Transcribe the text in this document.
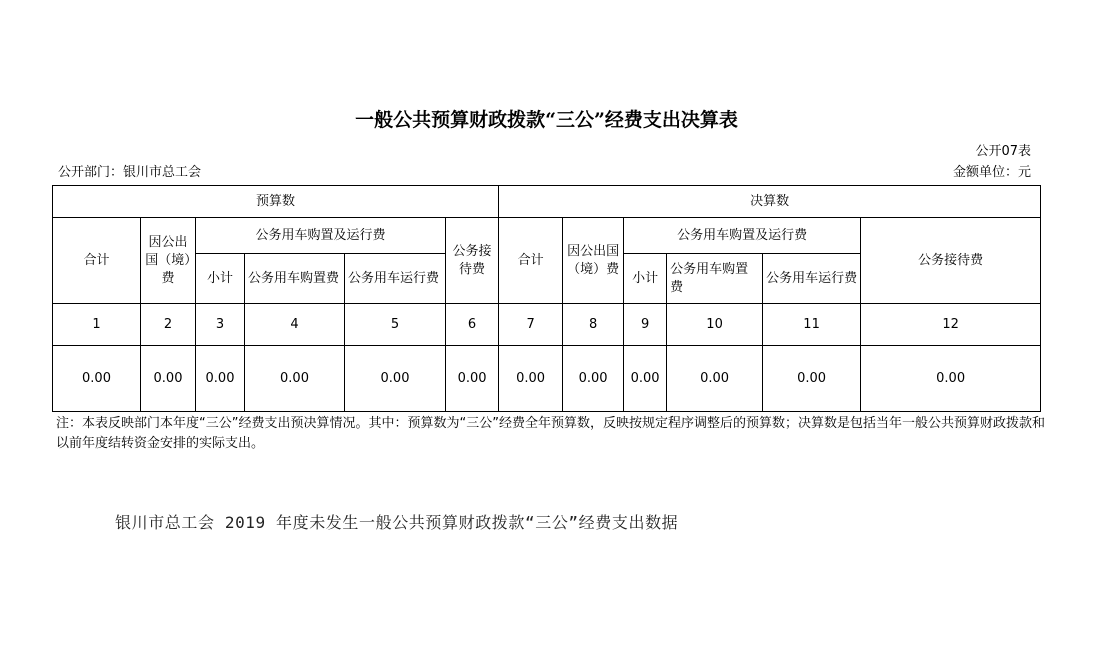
一般公共预算财政拨款“三公”经费支出决算表
公开07表
公开部门：银川市总工会	金额单位：元
预算数						决算数					
合计	因公出国（境）费	公务用车购置及运行费			公务接待费	合计	因公出国（境）费	公务用车购置及运行费			公务接待费
		小计	公务用车购置费	公务用车运行费				小计	公务用车购置费	公务用车运行费	
1	2	3	4	5	6	7	8	9	10	11	12
0.00	0.00	0.00	0.00	0.00	0.00	0.00	0.00	0.00	0.00	0.00	0.00
注：本表反映部门本年度“三公”经费支出预决算情况。其中：预算数为“三公”经费全年预算数，反映按规定程序调整后的预算数；决算数是包括当年一般公共预算财政拨款和以前年度结转资金安排的实际支出。
银川市总工会 2019 年度未发生一般公共预算财政拨款“三公”经费支出数据
